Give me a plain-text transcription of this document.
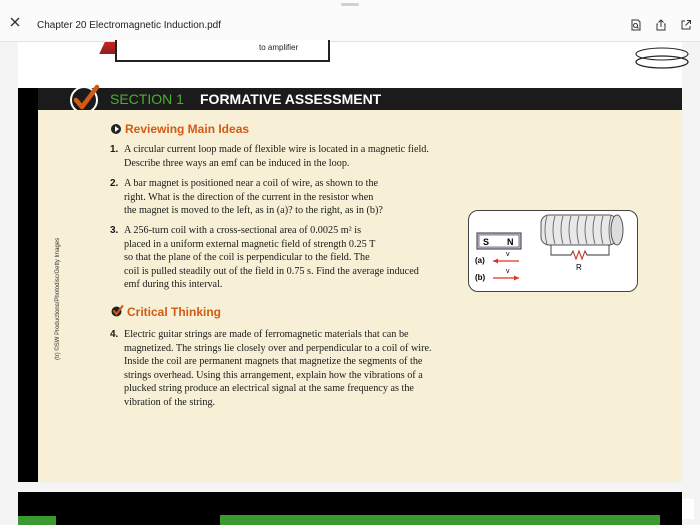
Chapter 20 Electromagnetic Induction.pdf
to amplifier
SECTION 1 FORMATIVE ASSESSMENT
(tr) ©SW Productions/Photodisc/Getty Images
Reviewing Main Ideas
1. A circular current loop made of flexible wire is located in a magnetic field.
Describe three ways an emf can be induced in the loop.
2. A bar magnet is positioned near a coil of wire, as shown to the
right. What is the direction of the current in the resistor when
the magnet is moved to the left, as in (a)? to the right, as in (b)?
3. A 256-turn coil with a cross-sectional area of 0.0025 m² is
placed in a uniform external magnetic field of strength 0.25 T
so that the plane of the coil is perpendicular to the field. The
coil is pulled steadily out of the field in 0.75 s. Find the average induced
emf during this interval.
Critical Thinking
4. Electric guitar strings are made of ferromagnetic materials that can be
magnetized. The strings lie closely over and perpendicular to a coil of wire.
Inside the coil are permanent magnets that magnetize the segments of the
strings overhead. Using this arrangement, explain how the vibrations of a
plucked string produce an electrical signal at the same frequency as the
vibration of the string.
S N
(a)
v
(b)
v	R
